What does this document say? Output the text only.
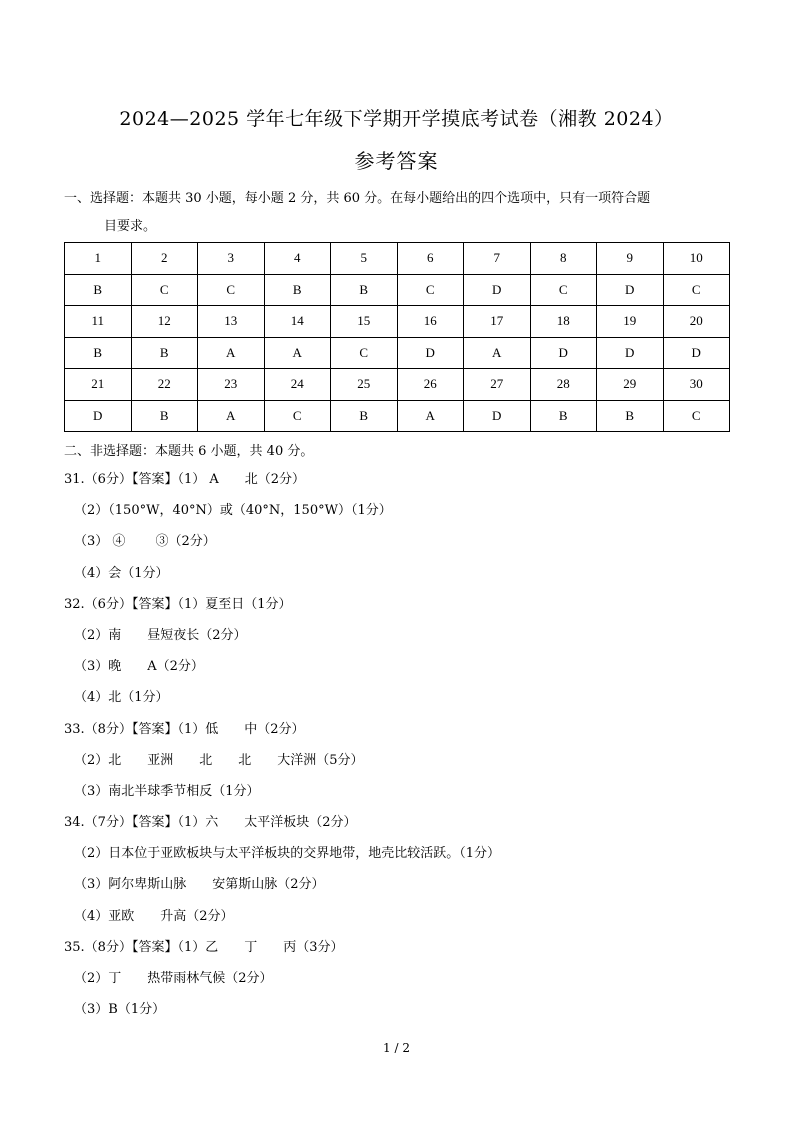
2024—2025 学年七年级下学期开学摸底考试卷（湘教 2024）
参考答案
一、选择题：本题共 30 小题，每小题 2 分，共 60 分。在每小题给出的四个选项中，只有一项符合题
目要求。
1	2	3	4	5	6	7	8	9	10
B	C	C	B	B	C	D	C	D	C
11	12	13	14	15	16	17	18	19	20
B	B	A	A	C	D	A	D	D	D
21	22	23	24	25	26	27	28	29	30
D	B	A	C	B	A	D	B	B	C
二、非选择题：本题共 6 小题，共 40 分。
31.（6分）【答案】（1） A　　北（2分）
（2）（150°W，40°N）或（40°N，150°W）（1分）
（3） ④　　 ③（2分）
（4）会（1分）
32.（6分）【答案】（1）夏至日（1分）
（2）南　　昼短夜长（2分）
（3）晚　　A（2分）
（4）北（1分）
33.（8分）【答案】（1）低　　中（2分）
（2）北　　亚洲　　北　　北　　大洋洲（5分）
（3）南北半球季节相反（1分）
34.（7分）【答案】（1）六　　太平洋板块（2分）
（2）日本位于亚欧板块与太平洋板块的交界地带，地壳比较活跃。（1分）
（3）阿尔卑斯山脉　　安第斯山脉（2分）
（4）亚欧　　升高（2分）
35.（8分）【答案】（1）乙　　丁　　丙（3分）
（2）丁　　热带雨林气候（2分）
（3）B（1分）
1 / 2
